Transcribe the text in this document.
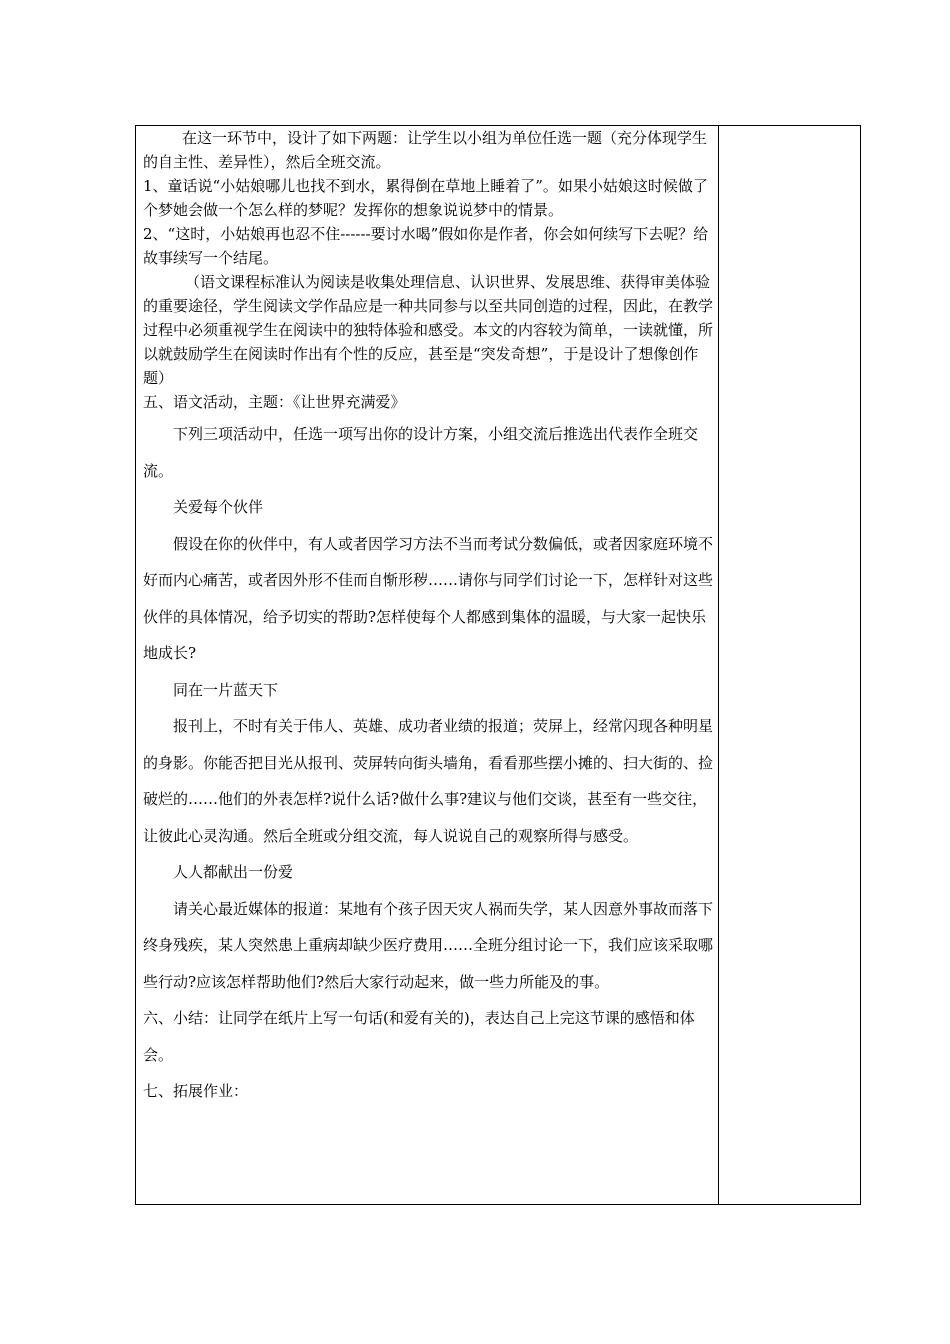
在这一环节中，设计了如下两题：让学生以小组为单位任选一题（充分体现学生的自主性、差异性），然后全班交流。

1、童话说“小姑娘哪儿也找不到水，累得倒在草地上睡着了”。如果小姑娘这时候做了个梦她会做一个怎么样的梦呢？发挥你的想象说说梦中的情景。

2、“这时，小姑娘再也忍不住------要讨水喝”假如你是作者，你会如何续写下去呢？给故事续写一个结尾。

（语文课程标准认为阅读是收集处理信息、认识世界、发展思维、获得审美体验的重要途径，学生阅读文学作品应是一种共同参与以至共同创造的过程，因此，在教学过程中必须重视学生在阅读中的独特体验和感受。本文的内容较为简单，一读就懂，所以就鼓励学生在阅读时作出有个性的反应，甚至是“突发奇想”，于是设计了想像创作题）

五、语文活动，主题：《让世界充满爱》

下列三项活动中，任选一项写出你的设计方案，小组交流后推选出代表作全班交流。

关爱每个伙伴

假设在你的伙伴中，有人或者因学习方法不当而考试分数偏低，或者因家庭环境不好而内心痛苦，或者因外形不佳而自惭形秽……请你与同学们讨论一下，怎样针对这些伙伴的具体情况，给予切实的帮助?怎样使每个人都感到集体的温暖，与大家一起快乐地成长?

同在一片蓝天下

报刊上，不时有关于伟人、英雄、成功者业绩的报道；荧屏上，经常闪现各种明星的身影。你能否把目光从报刊、荧屏转向街头墙角，看看那些摆小摊的、扫大街的、捡破烂的……他们的外表怎样?说什么话?做什么事?建议与他们交谈，甚至有一些交往，让彼此心灵沟通。然后全班或分组交流，每人说说自己的观察所得与感受。

人人都献出一份爱

请关心最近媒体的报道：某地有个孩子因天灾人祸而失学，某人因意外事故而落下终身残疾，某人突然患上重病却缺少医疗费用……全班分组讨论一下，我们应该采取哪些行动?应该怎样帮助他们?然后大家行动起来，做一些力所能及的事。

六、小结：让同学在纸片上写一句话(和爱有关的)，表达自己上完这节课的感悟和体会。

七、拓展作业：
